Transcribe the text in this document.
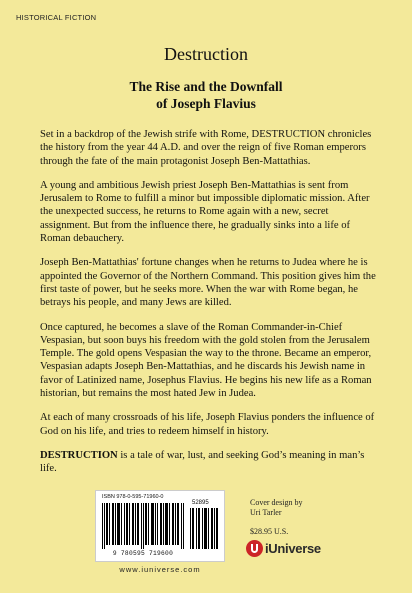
HISTORICAL FICTION
Destruction
The Rise and the Downfall
of Joseph Flavius

Set in a backdrop of the Jewish strife with Rome, DESTRUCTION chronicles the history from the year 44 A.D. and over the reign of five Roman emperors through the fate of the main protagonist Joseph Ben-Mattathias.

A young and ambitious Jewish priest Joseph Ben-Mattathias is sent from Jerusalem to Rome to fulfill a minor but impossible diplomatic mission. After the unexpected success, he returns to Rome again with a new, secret assignment. But from the influence there, he gradually sinks into a life of Roman debauchery.

Joseph Ben-Mattathias' fortune changes when he returns to Judea where he is appointed the Governor of the Northern Command. This position gives him the first taste of power, but he seeks more. When the war with Rome began, he betrays his people, and many Jews are killed.

Once captured, he becomes a slave of the Roman Commander-in-Chief Vespasian, but soon buys his freedom with the gold stolen from the Jerusalem Temple. The gold opens Vespasian the way to the throne. Became an emperor, Vespasian adapts Joseph Ben-Mattathias, and he discards his Jewish name in favor of Latinized name, Josephus Flavius. He begins his new life as a Roman historian, but remains the most hated Jew in Judea.

At each of many crossroads of his life, Joseph Flavius ponders the influence of God on his life, and tries to redeem himself in history.

DESTRUCTION is a tale of war, lust, and seeking God’s meaning in man’s life.

ISBN 978-0-595-71960-0
52895
9 780595 719600
www.iuniverse.com
Cover design by
Uri Tarler
$28.95 U.S.
iUniverse
